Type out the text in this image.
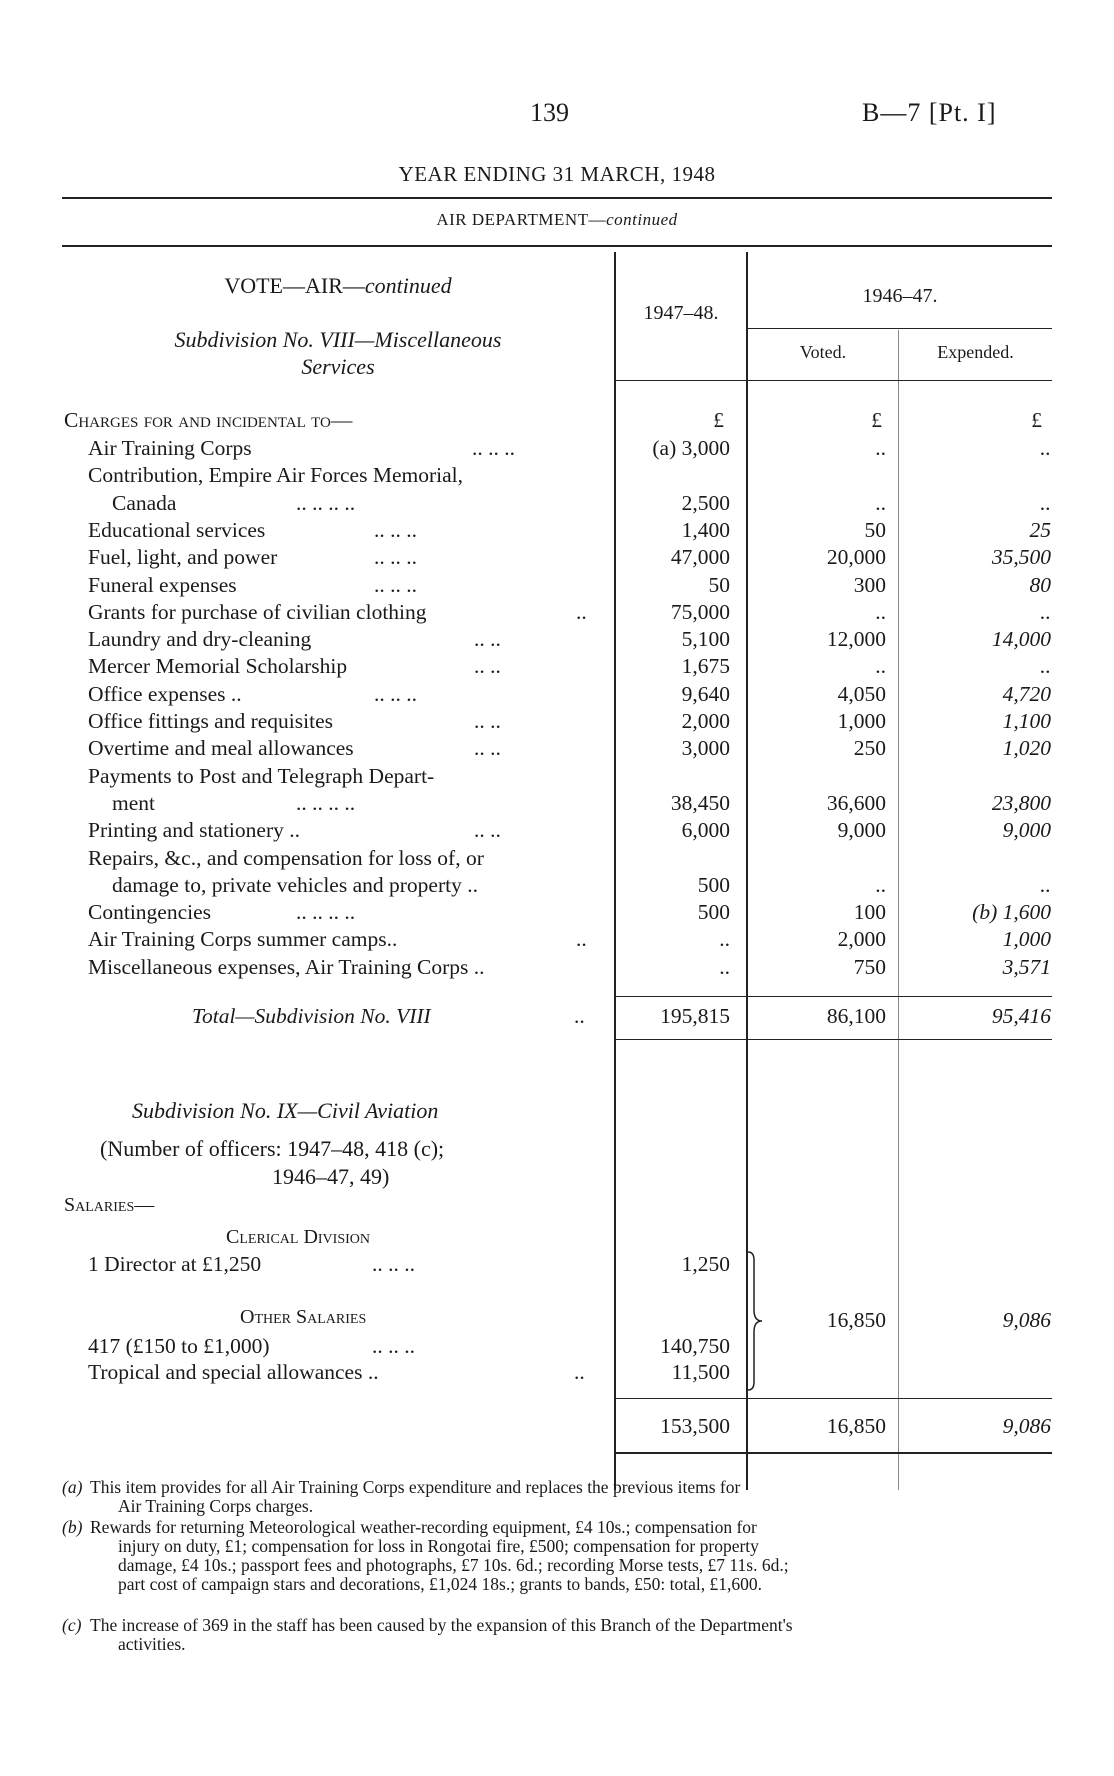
139	B—7 [Pt. I]
YEAR ENDING 31 MARCH, 1948
AIR DEPARTMENT—continued
VOTE—AIR—continued
Subdivision No. VIII—Miscellaneous
Services
1947–48.
1946–47.
Voted.	Expended.
Charges for and incidental to—	£	£	£
Air Training Corps	.. .. ..	(a) 3,000	..	..
Contribution, Empire Air Forces Memorial,
Canada	.. .. .. ..	2,500	..	..
Educational services	.. .. ..	1,400	50	25
Fuel, light, and power	.. .. ..	47,000	20,000	35,500
Funeral expenses	.. .. ..	50	300	80
Grants for purchase of civilian clothing	..	75,000	..	..
Laundry and dry-cleaning	.. ..	5,100	12,000	14,000
Mercer Memorial Scholarship	.. ..	1,675	..	..
Office expenses ..	.. .. ..	9,640	4,050	4,720
Office fittings and requisites	.. ..	2,000	1,000	1,100
Overtime and meal allowances	.. ..	3,000	250	1,020
Payments to Post and Telegraph Depart-
ment	.. .. .. ..	38,450	36,600	23,800
Printing and stationery ..	.. ..	6,000	9,000	9,000
Repairs, &c., and compensation for loss of, or
damage to, private vehicles and property ..	500	..	..
Contingencies	.. .. .. ..	500	100	(b) 1,600
Air Training Corps summer camps..	..	..	2,000	1,000
Miscellaneous expenses, Air Training Corps ..	..	750	3,571
Total—Subdivision No. VIII	..	195,815	86,100	95,416
Subdivision No. IX—Civil Aviation
(Number of officers: 1947–48, 418 (c);
1946–47, 49)
Salaries—
Clerical Division
1 Director at £1,250	.. .. ..	1,250
Other Salaries
417 (£150 to £1,000)	.. .. ..	140,750
Tropical and special allowances ..	..	11,500
16,850	9,086
153,500	16,850	9,086
(a) This item provides for all Air Training Corps expenditure and replaces the previous items for
Air Training Corps charges.
(b) Rewards for returning Meteorological weather-recording equipment, £4 10s.; compensation for
injury on duty, £1; compensation for loss in Rongotai fire, £500; compensation for property
damage, £4 10s.; passport fees and photographs, £7 10s. 6d.; recording Morse tests, £7 11s. 6d.;
part cost of campaign stars and decorations, £1,024 18s.; grants to bands, £50: total, £1,600.
(c) The increase of 369 in the staff has been caused by the expansion of this Branch of the Department's
activities.
